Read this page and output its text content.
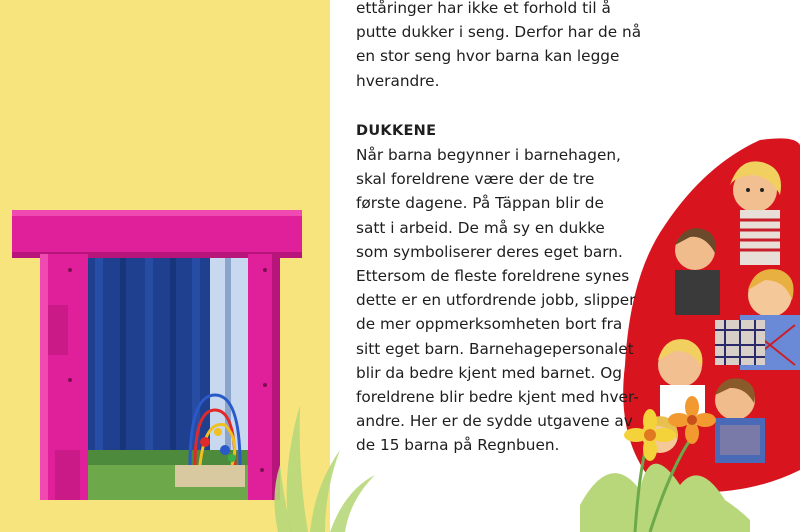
ettåringer har ikke et forhold til å
putte dukker i seng. Derfor har de nå
en stor seng hvor barna kan legge
hverandre.

DUKKENE

Når barna begynner i barnehagen,
skal foreldrene være der de tre
første dagene. På Täppan blir de
satt i arbeid. De må sy en dukke
som symboliserer deres eget barn.
Ettersom de fleste foreldrene synes
dette er en utfordrende jobb, slipper
de mer oppmerksomheten bort fra
sitt eget barn. Barnehagepersonalet
blir da bedre kjent med barnet. Og
foreldrene blir bedre kjent med hver-
andre. Her er de sydde utgavene av
de 15 barna på Regnbuen.
